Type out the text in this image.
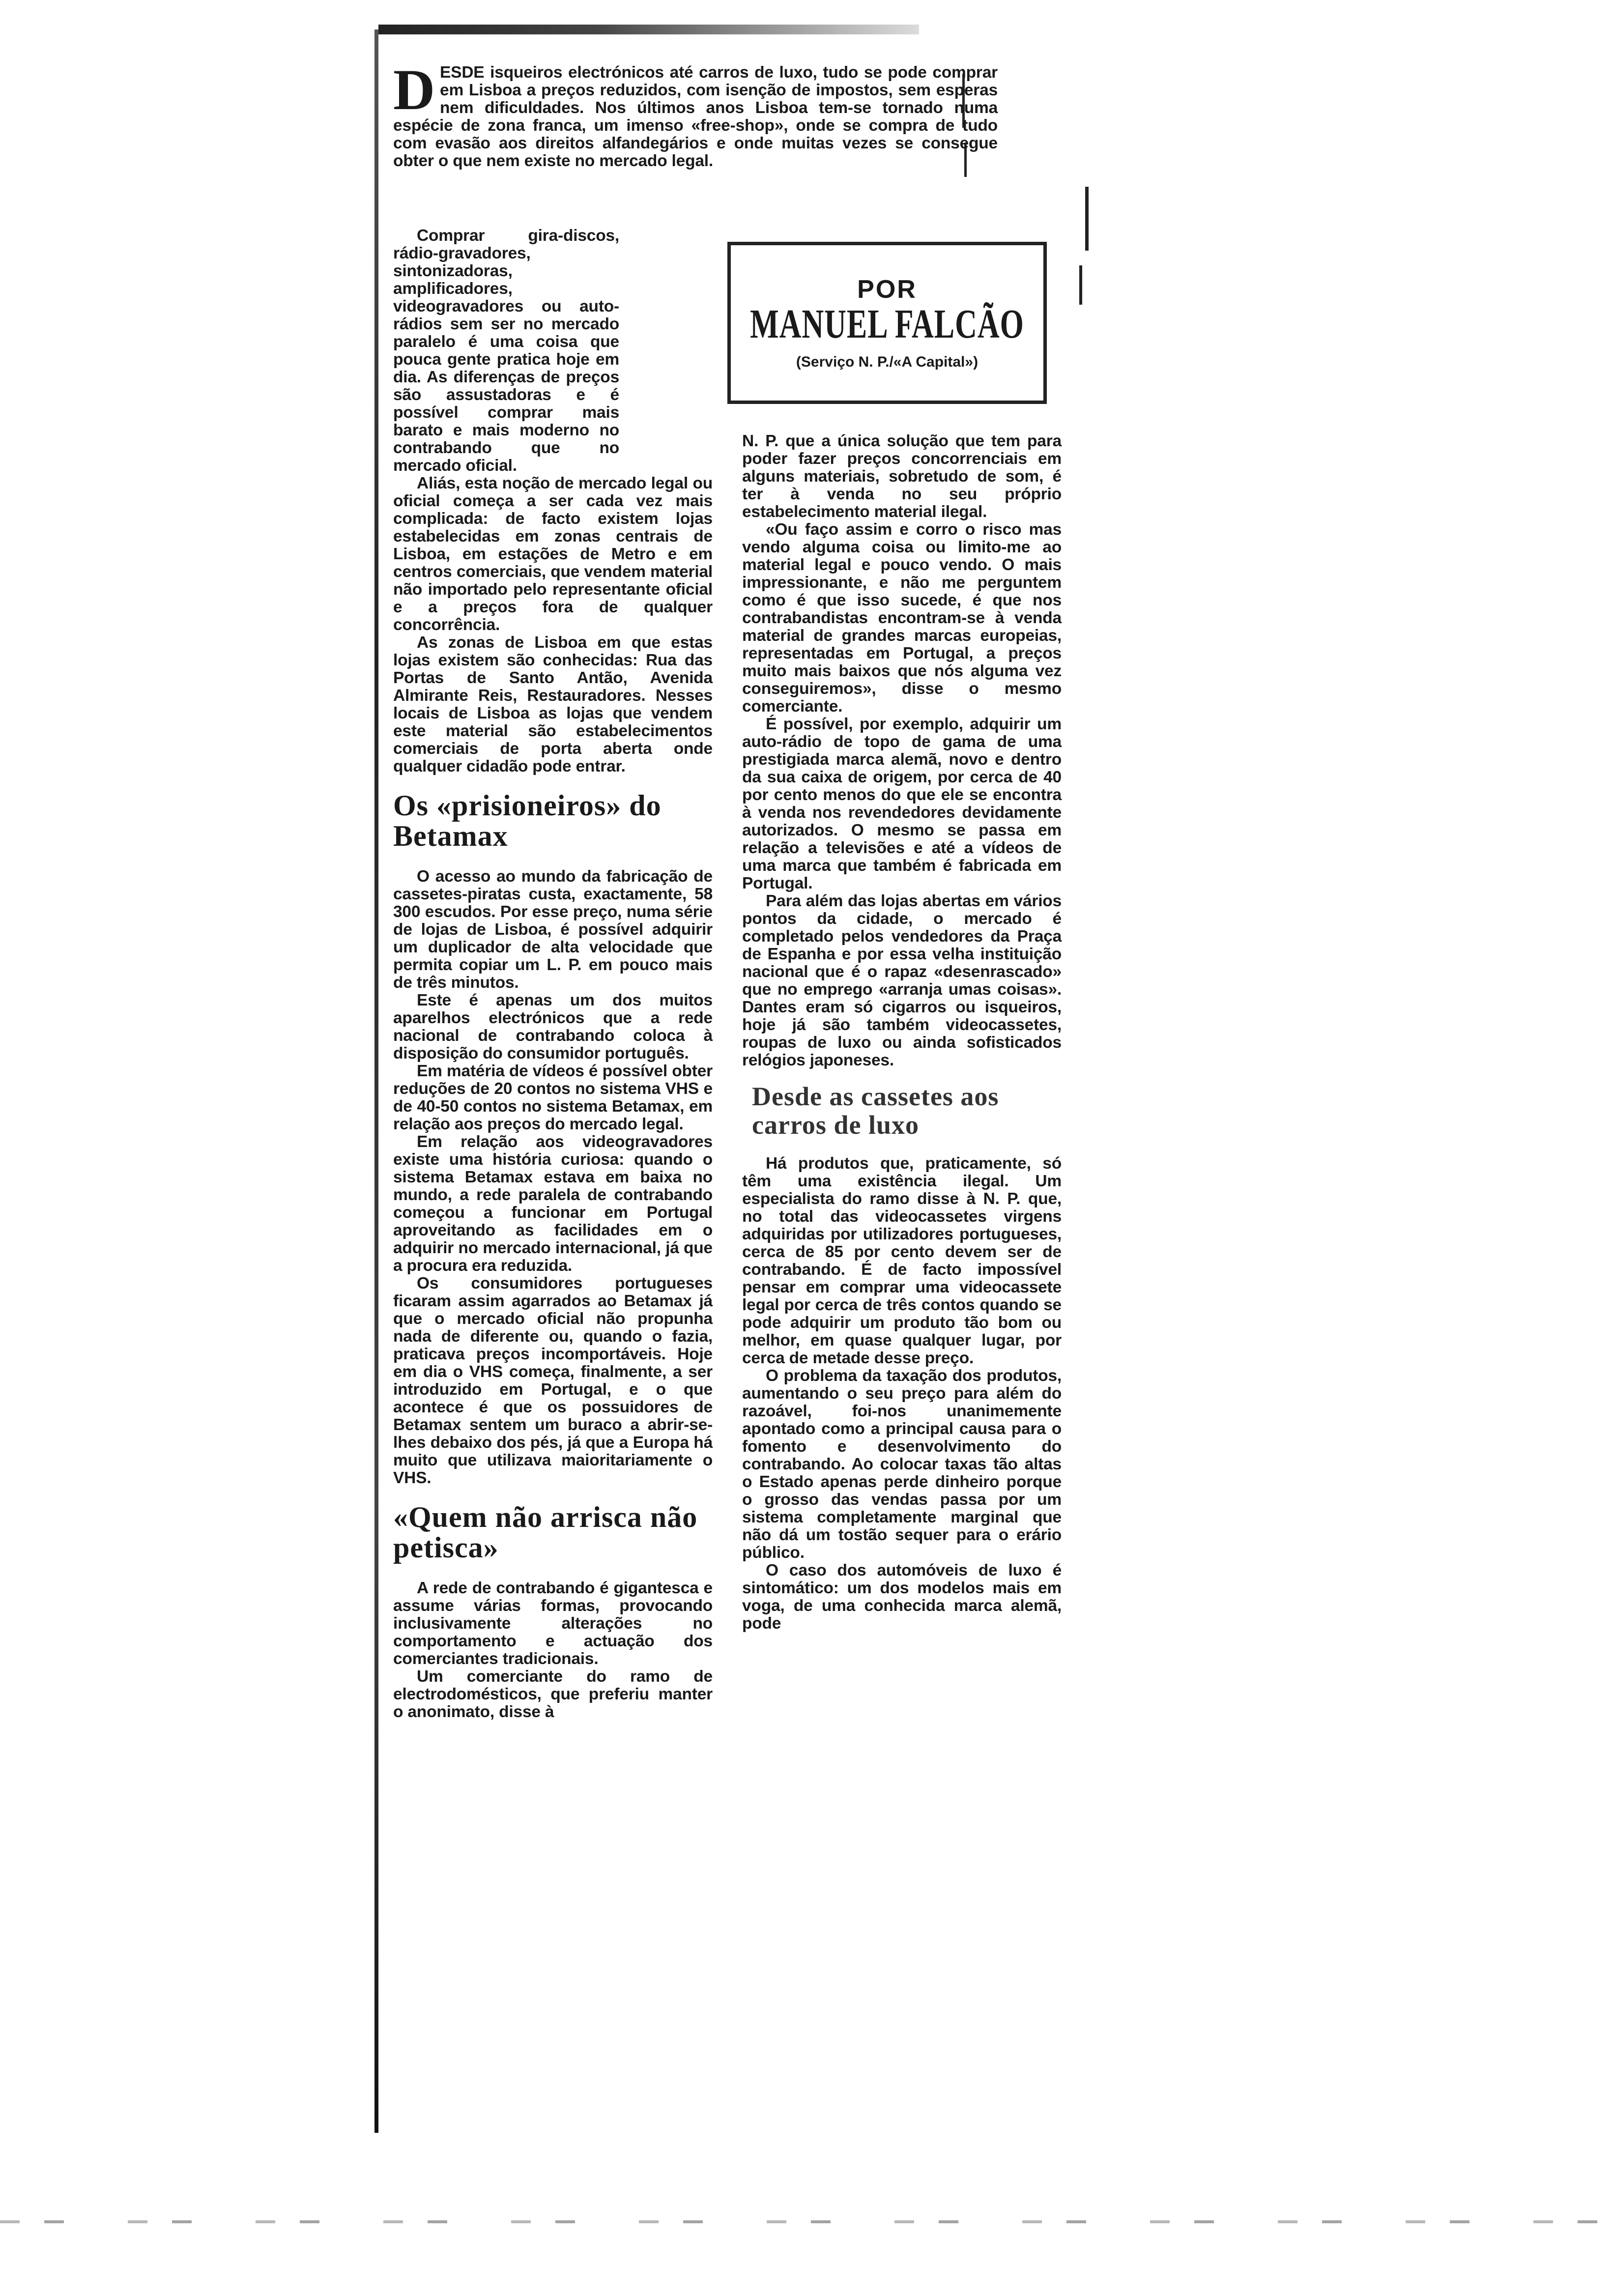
DESDE isqueiros electrónicos até carros de luxo, tudo se pode comprar em Lisboa a preços reduzidos, com isenção de impostos, sem esperas nem dificuldades. Nos últimos anos Lisboa tem-se tornado numa espécie de zona franca, um imenso «free-shop», onde se compra de tudo com evasão aos direitos alfandegários e onde muitas vezes se consegue obter o que nem existe no mercado legal.

POR
MANUEL FALCÃO
(Serviço N. P./«A Capital»)

Comprar gira-discos, rádio-gravadores, sintonizadoras, amplificadores, videogravadores ou auto-rádios sem ser no mercado paralelo é uma coisa que pouca gente pratica hoje em dia. As diferenças de preços são assustadoras e é possível comprar mais barato e mais moderno no contrabando que no mercado oficial.

Aliás, esta noção de mercado legal ou oficial começa a ser cada vez mais complicada: de facto existem lojas estabelecidas em zonas centrais de Lisboa, em estações de Metro e em centros comerciais, que vendem material não importado pelo representante oficial e a preços fora de qualquer concorrência.

As zonas de Lisboa em que estas lojas existem são conhecidas: Rua das Portas de Santo Antão, Avenida Almirante Reis, Restauradores. Nesses locais de Lisboa as lojas que vendem este material são estabelecimentos comerciais de porta aberta onde qualquer cidadão pode entrar.

Os «prisioneiros» do Betamax

O acesso ao mundo da fabricação de cassetes-piratas custa, exactamente, 58 300 escudos. Por esse preço, numa série de lojas de Lisboa, é possível adquirir um duplicador de alta velocidade que permita copiar um L. P. em pouco mais de três minutos.

Este é apenas um dos muitos aparelhos electrónicos que a rede nacional de contrabando coloca à disposição do consumidor português.

Em matéria de vídeos é possível obter reduções de 20 contos no sistema VHS e de 40-50 contos no sistema Betamax, em relação aos preços do mercado legal.

Em relação aos videogravadores existe uma história curiosa: quando o sistema Betamax estava em baixa no mundo, a rede paralela de contrabando começou a funcionar em Portugal aproveitando as facilidades em o adquirir no mercado internacional, já que a procura era reduzida.

Os consumidores portugueses ficaram assim agarrados ao Betamax já que o mercado oficial não propunha nada de diferente ou, quando o fazia, praticava preços incomportáveis. Hoje em dia o VHS começa, finalmente, a ser introduzido em Portugal, e o que acontece é que os possuidores de Betamax sentem um buraco a abrir-se-lhes debaixo dos pés, já que a Europa há muito que utilizava maioritariamente o VHS.

«Quem não arrisca não petisca»

A rede de contrabando é gigantesca e assume várias formas, provocando inclusivamente alterações no comportamento e actuação dos comerciantes tradicionais.

Um comerciante do ramo de electrodomésticos, que preferiu manter o anonimato, disse à

N. P. que a única solução que tem para poder fazer preços concorrenciais em alguns materiais, sobretudo de som, é ter à venda no seu próprio estabelecimento material ilegal.

«Ou faço assim e corro o risco mas vendo alguma coisa ou limito-me ao material legal e pouco vendo. O mais impressionante, e não me perguntem como é que isso sucede, é que nos contrabandistas encontram-se à venda material de grandes marcas europeias, representadas em Portugal, a preços muito mais baixos que nós alguma vez conseguiremos», disse o mesmo comerciante.

É possível, por exemplo, adquirir um auto-rádio de topo de gama de uma prestigiada marca alemã, novo e dentro da sua caixa de origem, por cerca de 40 por cento menos do que ele se encontra à venda nos revendedores devidamente autorizados. O mesmo se passa em relação a televisões e até a vídeos de uma marca que também é fabricada em Portugal.

Para além das lojas abertas em vários pontos da cidade, o mercado é completado pelos vendedores da Praça de Espanha e por essa velha instituição nacional que é o rapaz «desenrascado» que no emprego «arranja umas coisas». Dantes eram só cigarros ou isqueiros, hoje já são também videocassetes, roupas de luxo ou ainda sofisticados relógios japoneses.

Desde as cassetes aos carros de luxo

Há produtos que, praticamente, só têm uma existência ilegal. Um especialista do ramo disse à N. P. que, no total das videocassetes virgens adquiridas por utilizadores portugueses, cerca de 85 por cento devem ser de contrabando. É de facto impossível pensar em comprar uma videocassete legal por cerca de três contos quando se pode adquirir um produto tão bom ou melhor, em quase qualquer lugar, por cerca de metade desse preço.

O problema da taxação dos produtos, aumentando o seu preço para além do razoável, foi-nos unanimemente apontado como a principal causa para o fomento e desenvolvimento do contrabando. Ao colocar taxas tão altas o Estado apenas perde dinheiro porque o grosso das vendas passa por um sistema completamente marginal que não dá um tostão sequer para o erário público.

O caso dos automóveis de luxo é sintomático: um dos modelos mais em voga, de uma conhecida marca alemã, pode
